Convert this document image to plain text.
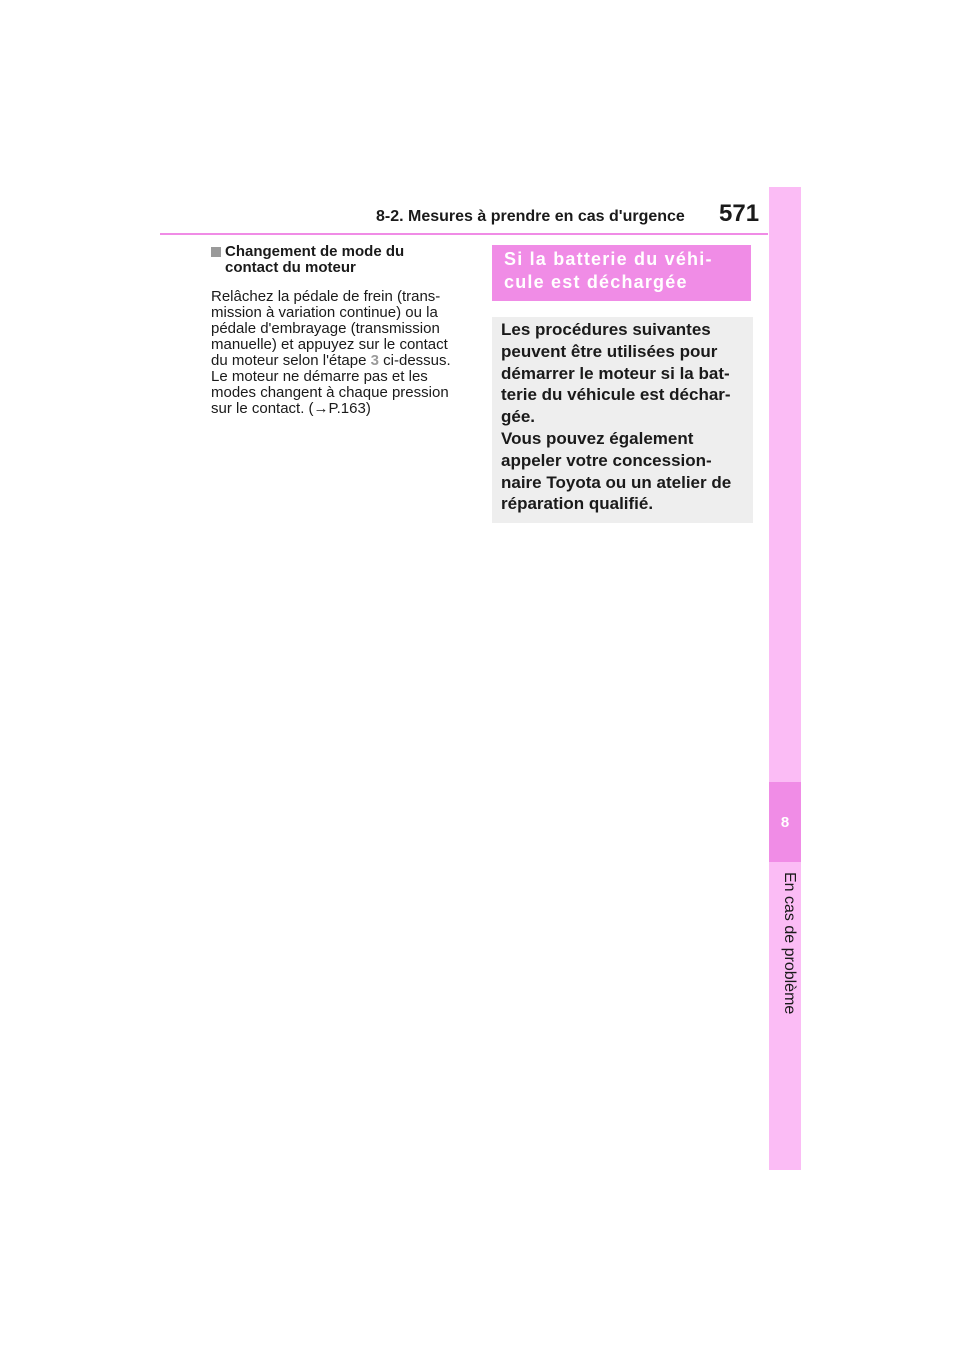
8
En cas de problème
8-2. Mesures à prendre en cas d'urgence 571
Changement de mode du
contact du moteur
Relâchez la pédale de frein (trans-
mission à variation continue) ou la
pédale d'embrayage (transmission
manuelle) et appuyez sur le contact
du moteur selon l'étape 3 ci-dessus.
Le moteur ne démarre pas et les
modes changent à chaque pression
sur le contact. (→P.163)
Si la batterie du véhi-
cule est déchargée

Les procédures suivantes

peuvent être utilisées pour

démarrer le moteur si la bat-

terie du véhicule est déchar-

gée.

Vous pouvez également

appeler votre concession-

naire Toyota ou un atelier de

réparation qualifié.
